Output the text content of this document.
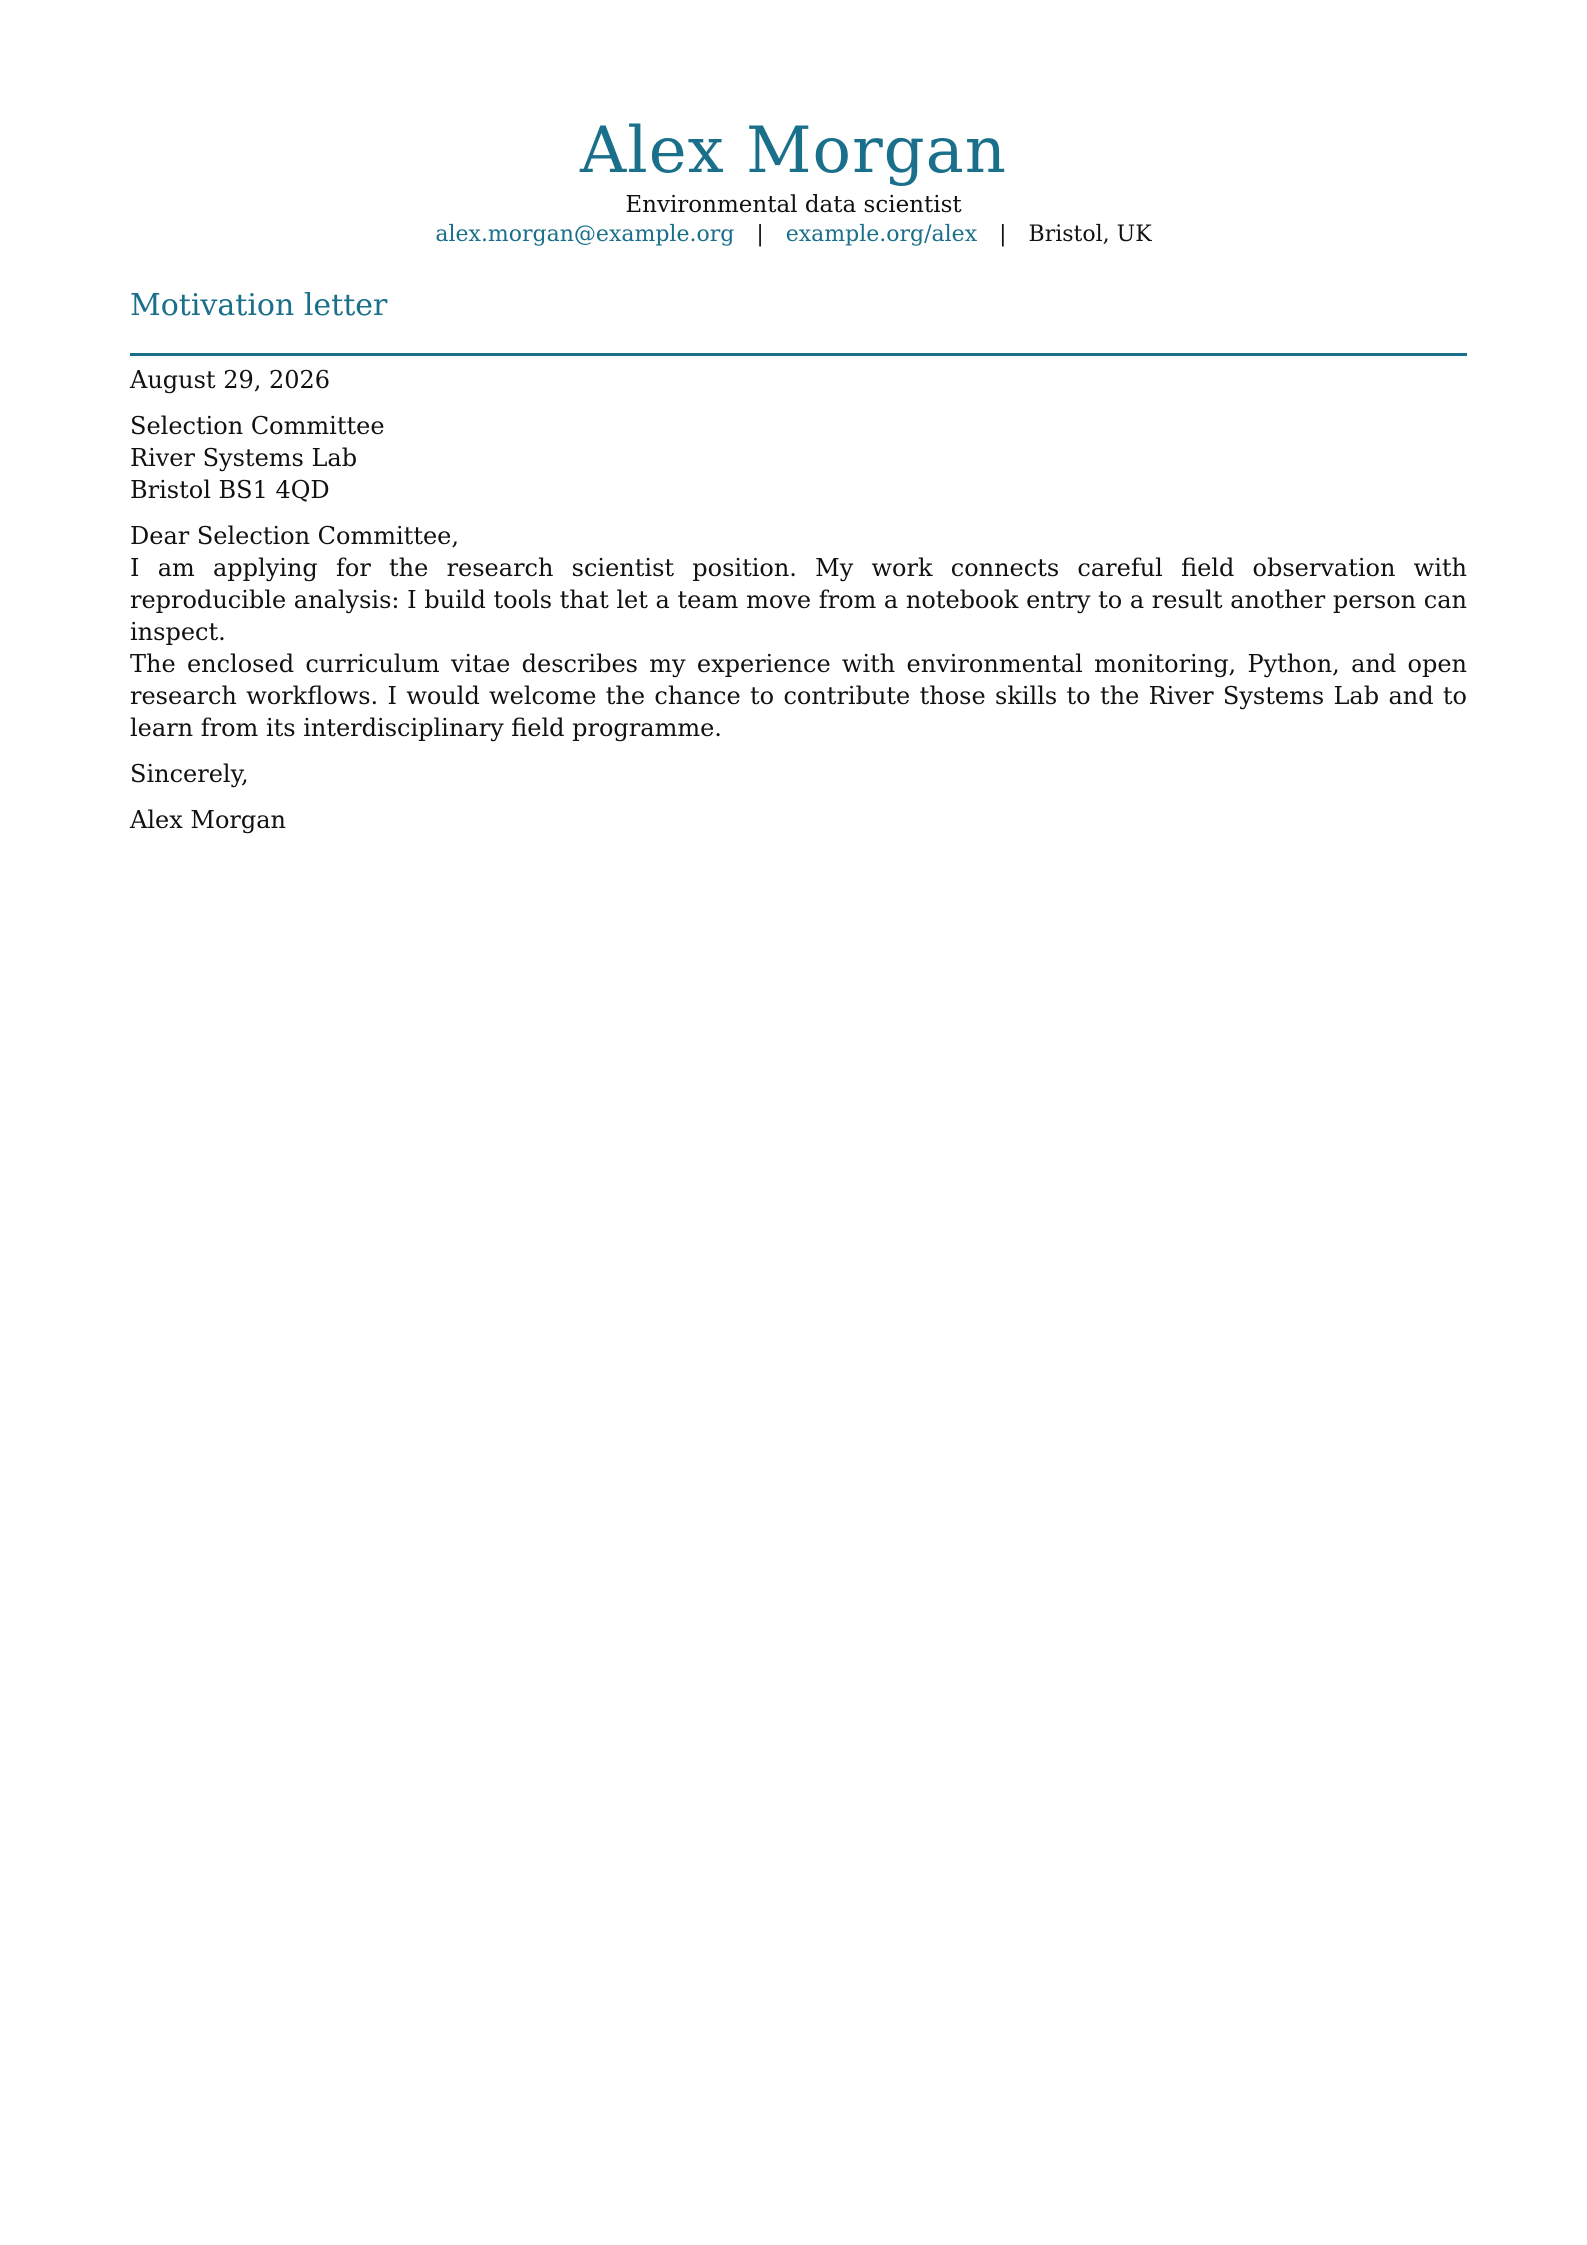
Alex Morgan
Environmental data scientist
alex.morgan@example.org | example.org/alex | Bristol, UK
Motivation letter
August 29, 2026
Selection Committee
River Systems Lab
Bristol BS1 4QD
Dear Selection Committee,

I am applying for the research scientist position. My work connects careful field observation with reproducible analysis: I build tools that let a team move from a notebook entry to a result another person can inspect.

The enclosed curriculum vitae describes my experience with environmental monitoring, Python, and open research workflows. I would welcome the chance to contribute those skills to the River Systems Lab and to learn from its interdisciplinary field programme.

Sincerely,
Alex Morgan
